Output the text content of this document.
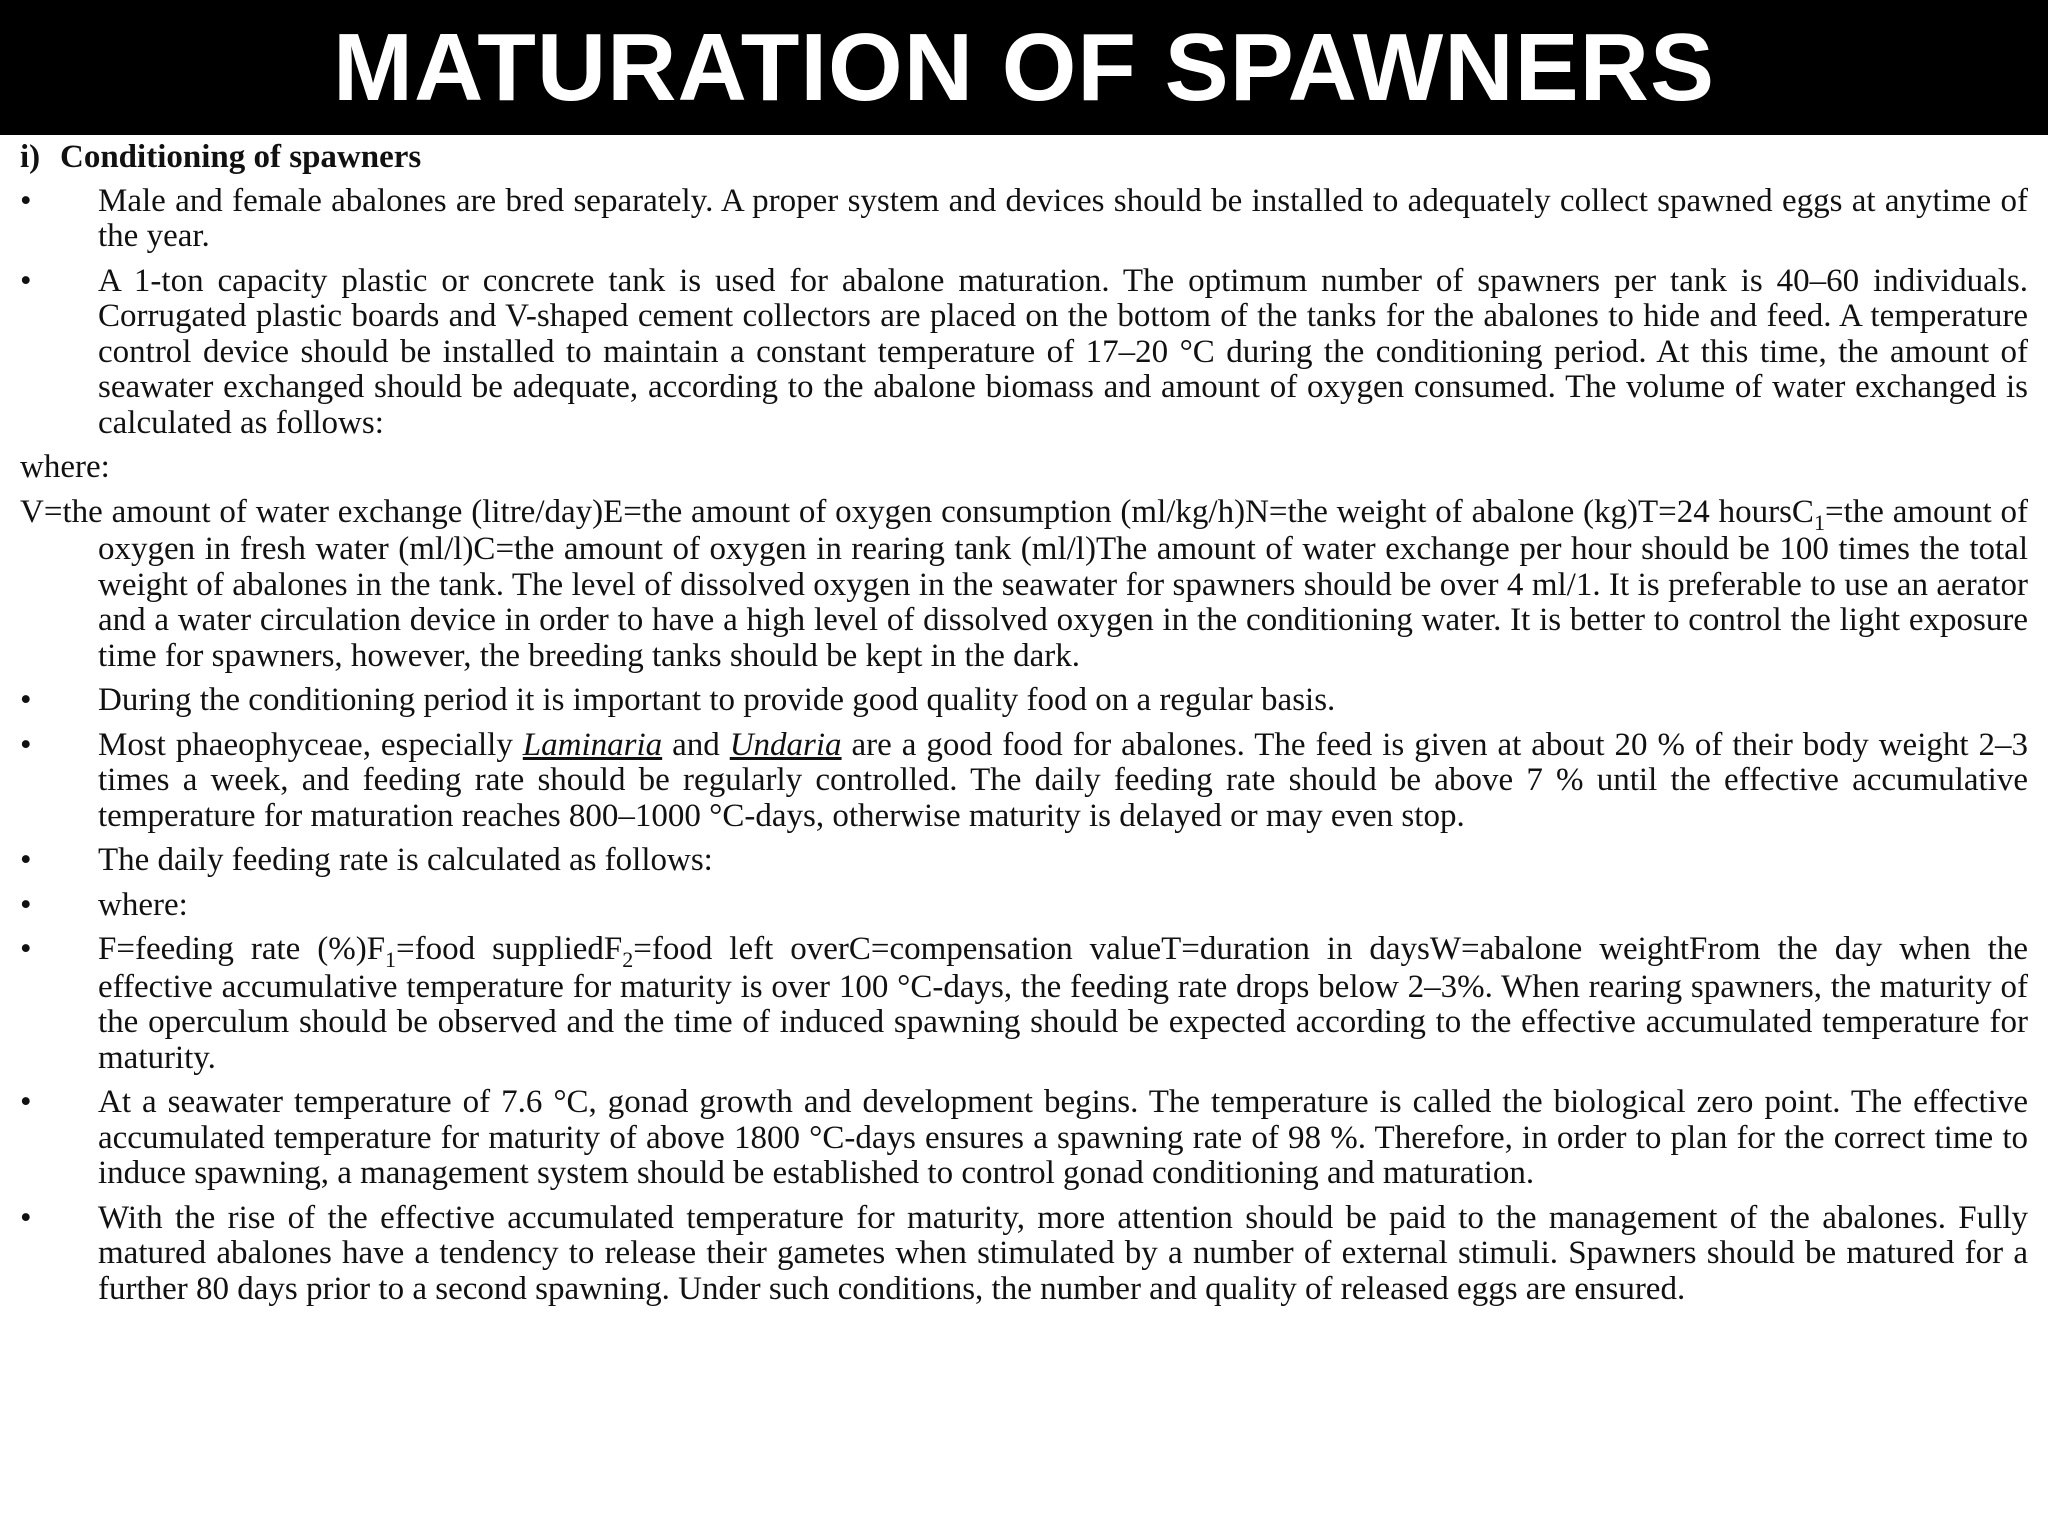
MATURATION OF SPAWNERS
i) Conditioning of spawners
•	Male and female abalones are bred separately. A proper system and devices should be installed to adequately collect spawned eggs at anytime of the year.
•	A 1-ton capacity plastic or concrete tank is used for abalone maturation. The optimum number of spawners per tank is 40–60 individuals. Corrugated plastic boards and V-shaped cement collectors are placed on the bottom of the tanks for the abalones to hide and feed. A temperature control device should be installed to maintain a constant temperature of 17–20 °C during the conditioning period. At this time, the amount of seawater exchanged should be adequate, according to the abalone biomass and amount of oxygen consumed. The volume of water exchanged is calculated as follows:
where:
V=the amount of water exchange (litre/day)E=the amount of oxygen consumption (ml/kg/h)N=the weight of abalone (kg)T=24 hoursC$_1$=the amount of oxygen in fresh water (ml/l)C=the amount of oxygen in rearing tank (ml/l)The amount of water exchange per hour should be 100 times the total weight of abalones in the tank. The level of dissolved oxygen in the seawater for spawners should be over 4 ml/1. It is preferable to use an aerator and a water circulation device in order to have a high level of dissolved oxygen in the conditioning water. It is better to control the light exposure time for spawners, however, the breeding tanks should be kept in the dark.
•	During the conditioning period it is important to provide good quality food on a regular basis.
•	Most phaeophyceae, especially Laminaria and Undaria are a good food for abalones. The feed is given at about 20 % of their body weight 2–3 times a week, and feeding rate should be regularly controlled. The daily feeding rate should be above 7 % until the effective accumulative temperature for maturation reaches 800–1000 °C-days, otherwise maturity is delayed or may even stop.
•	The daily feeding rate is calculated as follows:
•	where:
•	F=feeding rate $(\%)F_1=food$ suppliedF$_2$=food left overC=compensation valueT=duration in daysW=abalone weightFrom the day when the effective accumulative temperature for maturity is over 100 °C-days, the feeding rate drops below 2–3%. When rearing spawners, the maturity of the operculum should be observed and the time of induced spawning should be expected according to the effective accumulated temperature for maturity.
•	At a seawater temperature of 7.6 °C, gonad growth and development begins. The temperature is called the biological zero point. The effective accumulated temperature for maturity of above 1800 °C-days ensures a spawning rate of 98 %. Therefore, in order to plan for the correct time to induce spawning, a management system should be established to control gonad conditioning and maturation.
•	With the rise of the effective accumulated temperature for maturity, more attention should be paid to the management of the abalones. Fully matured abalones have a tendency to release their gametes when stimulated by a number of external stimuli. Spawners should be matured for a further 80 days prior to a second spawning. Under such conditions, the number and quality of released eggs are ensured.
